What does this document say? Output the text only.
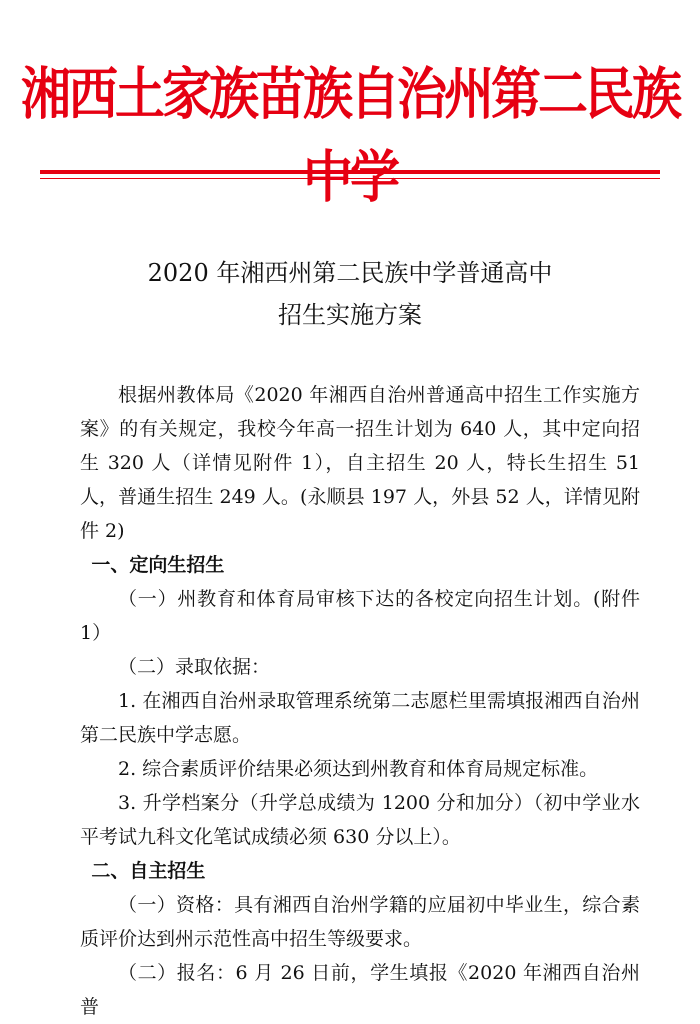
湘西土家族苗族自治州第二民族
2020 年湘西州第二民族中学普通高中
招生实施方案

根据州教体局《2020 年湘西自治州普通高中招生工作实施方案》的有关规定，我校今年高一招生计划为 640 人，其中定向招生 320 人（详情见附件 1），自主招生 20 人，特长生招生 51 人，普通生招生 249 人。(永顺县 197 人，外县 52 人，详情见附件 2)

一、定向生招生

（一）州教育和体育局审核下达的各校定向招生计划。(附件 1）

（二）录取依据：

1. 在湘西自治州录取管理系统第二志愿栏里需填报湘西自治州第二民族中学志愿。

2. 综合素质评价结果必须达到州教育和体育局规定标准。

3. 升学档案分（升学总成绩为 1200 分和加分）（初中学业水平考试九科文化笔试成绩必须 630 分以上）。

二、自主招生

（一）资格：具有湘西自治州学籍的应届初中毕业生，综合素质评价达到州示范性高中招生等级要求。

（二）报名：6 月 26 日前，学生填报《2020 年湘西自治州普
